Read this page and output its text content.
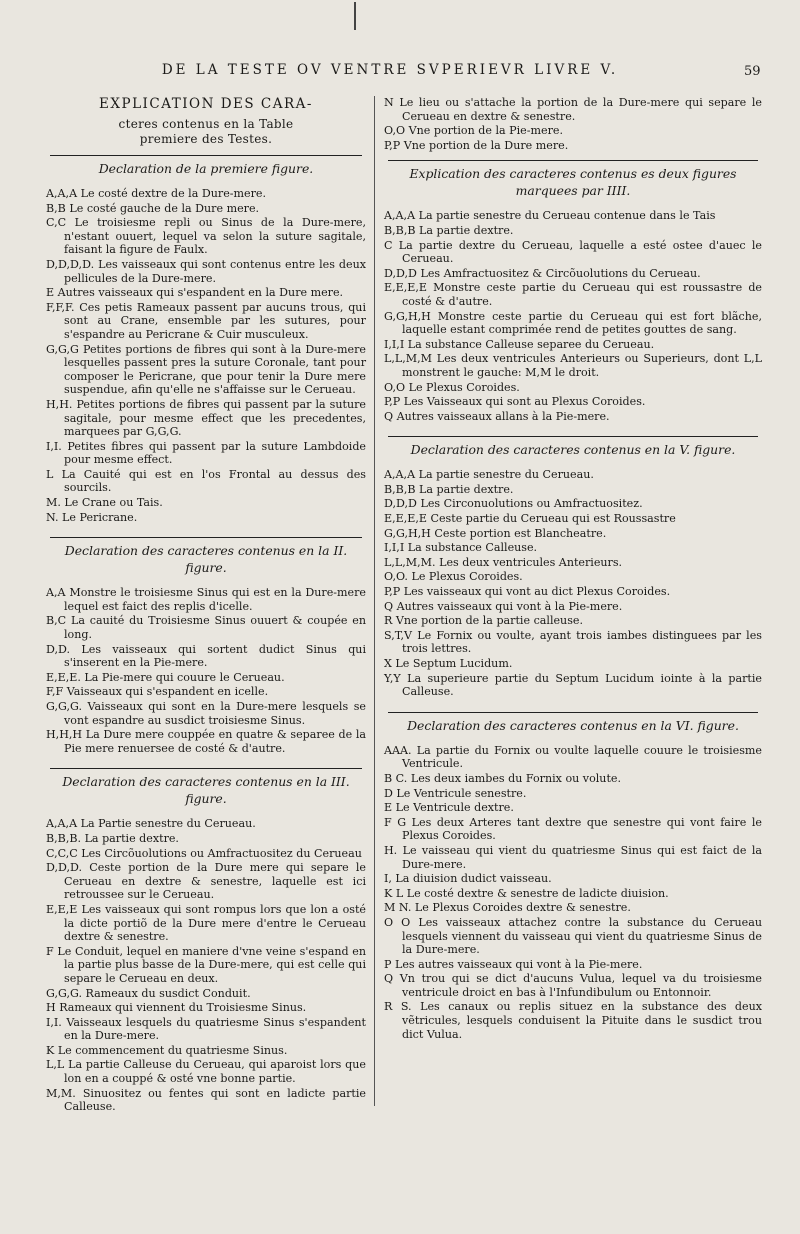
DE LA TESTE OV VENTRE SVPERIEVR LIVRE V.	59
EXPLICATION DES CARA-
cteres contenus en la Table
premiere des Testes.
Declaration de la premiere figure.
A,A,A Le costé dextre de la Dure-mere.
B,B Le costé gauche de la Dure mere.
C,C Le troisiesme repli ou Sinus de la Dure-mere, n'estant ouuert, lequel va selon la suture sagitale, faisant la figure de Faulx.
D,D,D,D. Les vaisseaux qui sont contenus entre les deux pellicules de la Dure-mere.
E Autres vaisseaux qui s'espandent en la Dure mere.
F,F,F. Ces petis Rameaux passent par aucuns trous, qui sont au Crane, ensemble par les sutures, pour s'espandre au Pericrane & Cuir musculeux.
G,G,G Petites portions de fibres qui sont à la Dure-mere lesquelles passent pres la suture Coronale, tant pour composer le Pericrane, que pour tenir la Dure mere suspendue, afin qu'elle ne s'affaisse sur le Cerueau.
H,H. Petites portions de fibres qui passent par la suture sagitale, pour mesme effect que les precedentes, marquees par G,G,G.
I,I. Petites fibres qui passent par la suture Lambdoide pour mesme effect.
L La Cauité qui est en l'os Frontal au dessus des sourcils.
M. Le Crane ou Tais.
N. Le Pericrane.
Declaration des caracteres contenus en la II. figure.
A,A Monstre le troisiesme Sinus qui est en la Dure-mere lequel est faict des replis d'icelle.
B,C La cauité du Troisiesme Sinus ouuert & coupée en long.
D,D. Les vaisseaux qui sortent dudict Sinus qui s'inserent en la Pie-mere.
E,E,E. La Pie-mere qui couure le Cerueau.
F,F Vaisseaux qui s'espandent en icelle.
G,G,G. Vaisseaux qui sont en la Dure-mere lesquels se vont espandre au susdict troisiesme Sinus.
H,H,H La Dure mere couppée en quatre & separee de la Pie mere renuersee de costé & d'autre.
Declaration des caracteres contenus en la III. figure.
A,A,A La Partie senestre du Cerueau.
B,B,B. La partie dextre.
C,C,C Les Circõuolutions ou Amfractuositez du Cerueau
D,D,D. Ceste portion de la Dure mere qui separe le Cerueau en dextre & senestre, laquelle est ici retroussee sur le Cerueau.
E,E,E Les vaisseaux qui sont rompus lors que lon a osté la dicte portiõ de la Dure mere d'entre le Cerueau dextre & senestre.
F Le Conduit, lequel en maniere d'vne veine s'espand en la partie plus basse de la Dure-mere, qui est celle qui separe le Cerueau en deux.
G,G,G. Rameaux du susdict Conduit.
H Rameaux qui viennent du Troisiesme Sinus.
I,I. Vaisseaux lesquels du quatriesme Sinus s'espandent en la Dure-mere.
K Le commencement du quatriesme Sinus.
L,L La partie Calleuse du Cerueau, qui aparoist lors que lon en a couppé & osté vne bonne partie.
M,M. Sinuositez ou fentes qui sont en ladicte partie Calleuse.
N Le lieu ou s'attache la portion de la Dure-mere qui separe le Cerueau en dextre & senestre.
O,O Vne portion de la Pie-mere.
P,P Vne portion de la Dure mere.
Explication des caracteres contenus es deux figures marquees par IIII.
A,A,A La partie senestre du Cerueau contenue dans le Tais
B,B,B La partie dextre.
C La partie dextre du Cerueau, laquelle a esté ostee d'auec le Cerueau.
D,D,D Les Amfractuositez & Circõuolutions du Cerueau.
E,E,E,E Monstre ceste partie du Cerueau qui est roussastre de costé & d'autre.
G,G,H,H Monstre ceste partie du Cerueau qui est fort blãche, laquelle estant comprimée rend de petites gouttes de sang.
I,I,I La substance Calleuse separee du Cerueau.
L,L,M,M Les deux ventricules Anterieurs ou Superieurs, dont L,L monstrent le gauche: M,M le droit.
O,O Le Plexus Coroides.
P,P Les Vaisseaux qui sont au Plexus Coroides.
Q Autres vaisseaux allans à la Pie-mere.
Declaration des caracteres contenus en la V. figure.
A,A,A La partie senestre du Cerueau.
B,B,B La partie dextre.
D,D,D Les Circonuolutions ou Amfractuositez.
E,E,E,E Ceste partie du Cerueau qui est Roussastre
G,G,H,H Ceste portion est Blancheatre.
I,I,I La substance Calleuse.
L,L,M,M. Les deux ventricules Anterieurs.
O,O. Le Plexus Coroides.
P,P Les vaisseaux qui vont au dict Plexus Coroides.
Q Autres vaisseaux qui vont à la Pie-mere.
R Vne portion de la partie calleuse.
S,T,V Le Fornix ou voulte, ayant trois iambes distinguees par les trois lettres.
X Le Septum Lucidum.
Y,Y La superieure partie du Septum Lucidum iointe à la partie Calleuse.
Declaration des caracteres contenus en la VI. figure.
AAA. La partie du Fornix ou voulte laquelle couure le troisiesme Ventricule.
B C. Les deux iambes du Fornix ou volute.
D Le Ventricule senestre.
E Le Ventricule dextre.
F G Les deux Arteres tant dextre que senestre qui vont faire le Plexus Coroides.
H. Le vaisseau qui vient du quatriesme Sinus qui est faict de la Dure-mere.
I, La diuision dudict vaisseau.
K L Le costé dextre & senestre de ladicte diuision.
M N. Le Plexus Coroides dextre & senestre.
O O Les vaisseaux attachez contre la substance du Cerueau lesquels viennent du vaisseau qui vient du quatriesme Sinus de la Dure-mere.
P Les autres vaisseaux qui vont à la Pie-mere.
Q Vn trou qui se dict d'aucuns Vulua, lequel va du troisiesme ventricule droict en bas à l'Infundibulum ou Entonnoir.
R S. Les canaux ou replis situez en la substance des deux vẽtricules, lesquels conduisent la Pituite dans le susdict trou dict Vulua.
